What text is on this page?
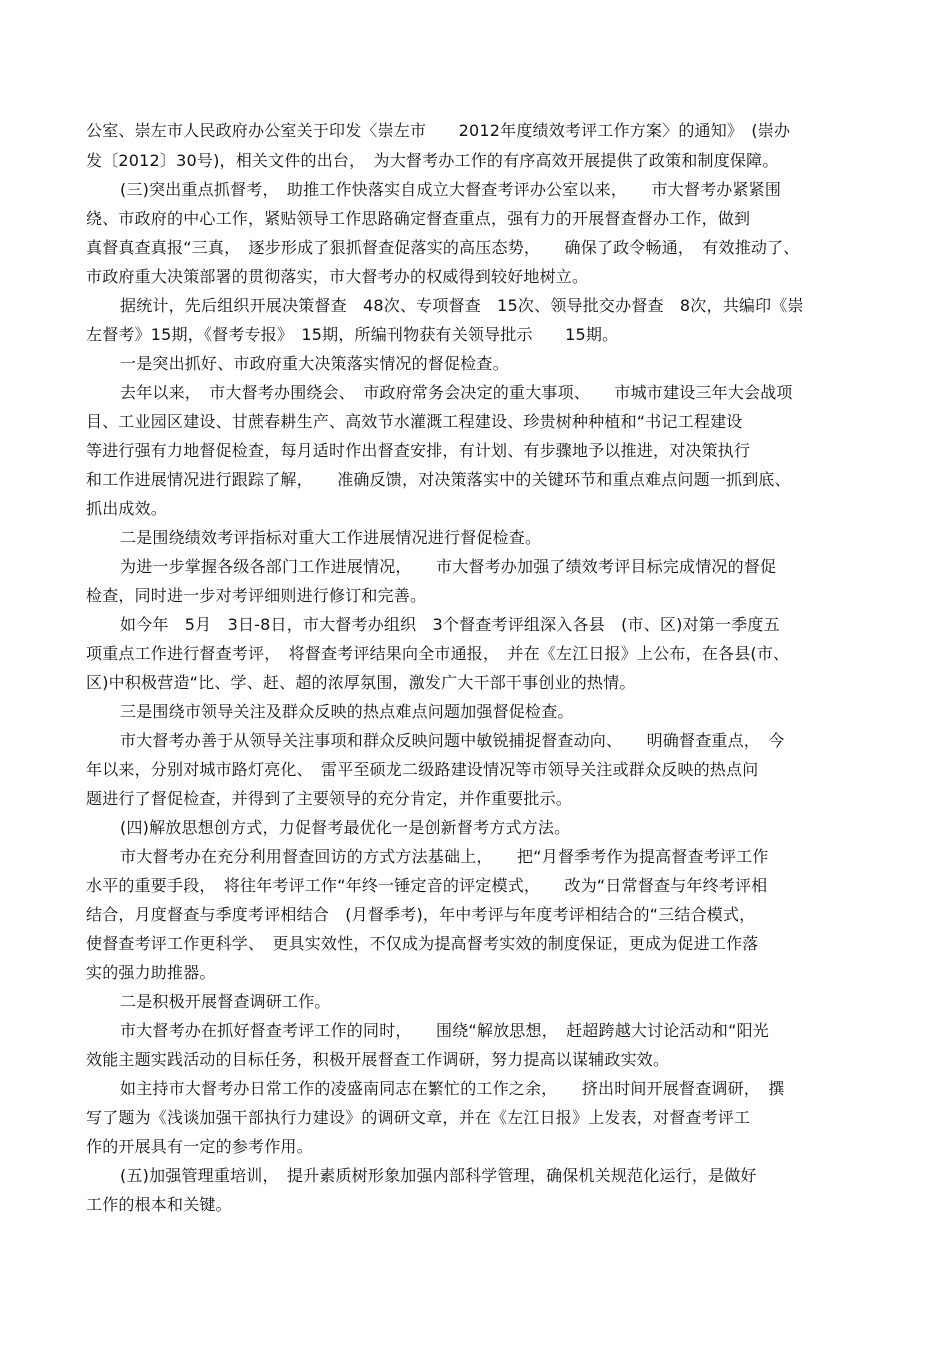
公室、崇左市人民政府办公室关于印发〈崇左市　　2012年度绩效考评工作方案〉的通知》　(崇办
发〔2012〕30号)，相关文件的出台，　为大督考办工作的有序高效开展提供了政策和制度保障。
(三)突出重点抓督考，　助推工作快落实自成立大督查考评办公室以来，　　市大督考办紧紧围
绕、市政府的中心工作，紧贴领导工作思路确定督查重点，强有力的开展督查督办工作，做到
真督真查真报“三真，　逐步形成了狠抓督查促落实的高压态势，　　确保了政令畅通，　有效推动了、
市政府重大决策部署的贯彻落实，市大督考办的权威得到较好地树立。
据统计，先后组织开展决策督查　48次、专项督查　15次、领导批交办督查　8次，共编印《崇
左督考》15期，《督考专报》　15期，所编刊物获有关领导批示　　15期。
一是突出抓好、市政府重大决策落实情况的督促检查。
去年以来，　市大督考办围绕会、　市政府常务会决定的重大事项、　　市城市建设三年大会战项
目、工业园区建设、甘蔗春耕生产、高效节水灌溉工程建设、珍贵树种种植和“书记工程建设
等进行强有力地督促检查，每月适时作出督查安排，有计划、有步骤地予以推进，对决策执行
和工作进展情况进行跟踪了解，　　准确反馈，对决策落实中的关键环节和重点难点问题一抓到底、
抓出成效。
二是围绕绩效考评指标对重大工作进展情况进行督促检查。
为进一步掌握各级各部门工作进展情况，　　市大督考办加强了绩效考评目标完成情况的督促
检查，同时进一步对考评细则进行修订和完善。
如今年　5月　3日-8日，市大督考办组织　3个督查考评组深入各县　(市、区)对第一季度五
项重点工作进行督查考评，　将督查考评结果向全市通报，　并在《左江日报》上公布，在各县(市、
区)中积极营造“比、学、赶、超的浓厚氛围，激发广大干部干事创业的热情。
三是围绕市领导关注及群众反映的热点难点问题加强督促检查。
市大督考办善于从领导关注事项和群众反映问题中敏锐捕捉督查动向、　　明确督查重点，　今
年以来，分别对城市路灯亮化、　雷平至硕龙二级路建设情况等市领导关注或群众反映的热点问
题进行了督促检查，并得到了主要领导的充分肯定，并作重要批示。
(四)解放思想创方式，力促督考最优化一是创新督考方式方法。
市大督考办在充分利用督查回访的方式方法基础上，　　把“月督季考作为提高督查考评工作
水平的重要手段，　将往年考评工作“年终一锤定音的评定模式，　　改为“日常督查与年终考评相
结合，月度督查与季度考评相结合　(月督季考)，年中考评与年度考评相结合的“三结合模式，
使督查考评工作更科学、　更具实效性，不仅成为提高督考实效的制度保证，更成为促进工作落
实的强力助推器。
二是积极开展督查调研工作。
市大督考办在抓好督查考评工作的同时，　　围绕“解放思想，　赶超跨越大讨论活动和“阳光
效能主题实践活动的目标任务，积极开展督查工作调研，努力提高以谋辅政实效。
如主持市大督考办日常工作的凌盛南同志在繁忙的工作之余，　　挤出时间开展督查调研，　撰
写了题为《浅谈加强干部执行力建设》的调研文章，并在《左江日报》上发表，对督查考评工
作的开展具有一定的参考作用。
(五)加强管理重培训，　提升素质树形象加强内部科学管理，确保机关规范化运行，是做好
工作的根本和关键。
